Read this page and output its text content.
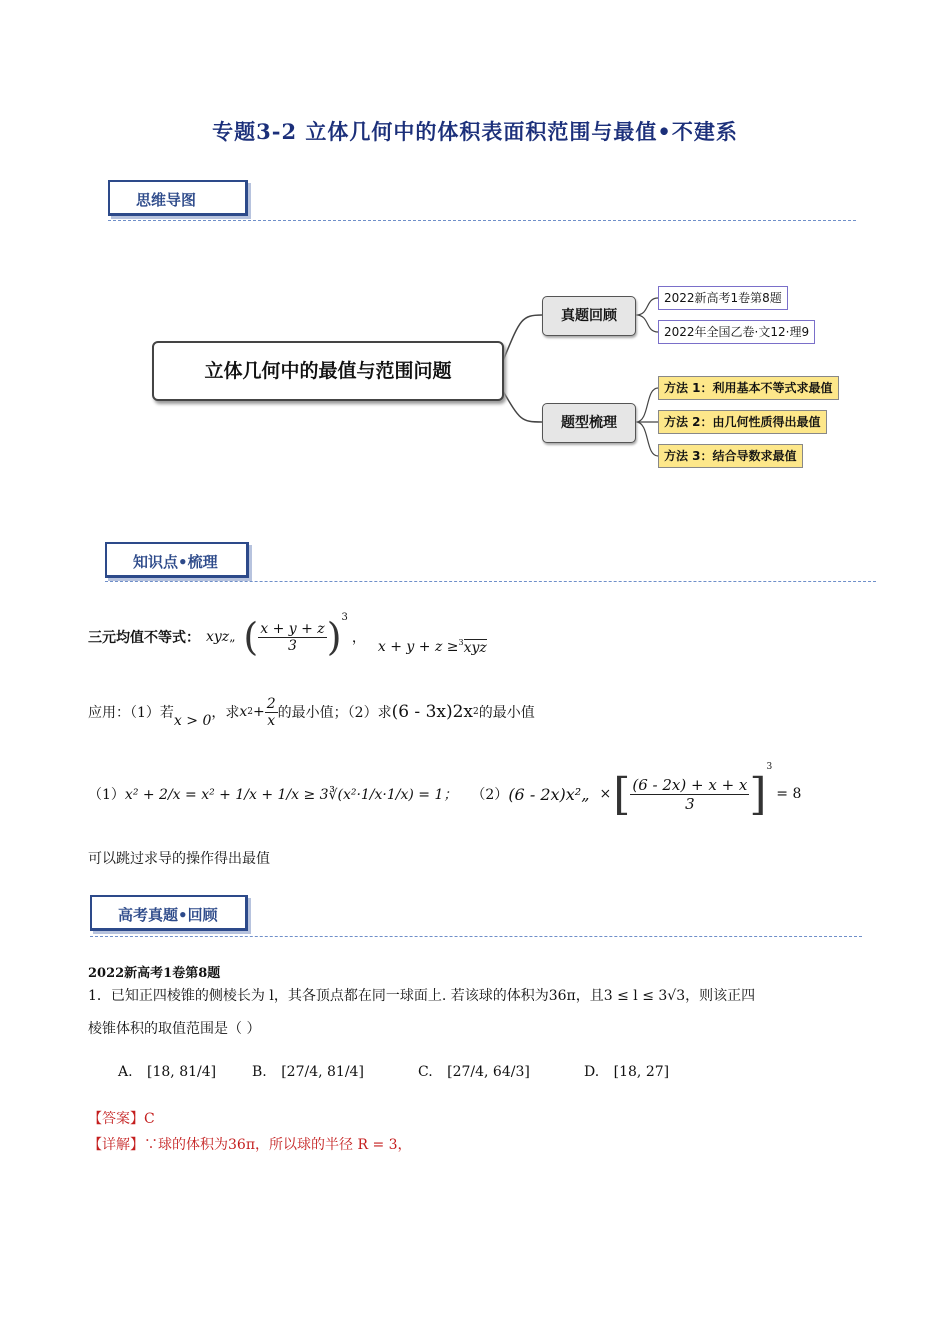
专题3-2 立体几何中的体积表面积范围与最值•不建系
思维导图
立体几何中的最值与范围问题
真题回顾
题型梳理
2022新高考1卷第8题
2022年全国乙卷·文12·理9
方法 1：利用基本不等式求最值
方法 2：由几何性质得出最值
方法 3：结合导数求最值
知识点•梳理
三元均值不等式： xyz „ ( $\frac{x + y + z}{3}$ ) 3
，
x + y + z ≥ 3 xyz
应用：（1）若 x > 0 ，求 x $2 + \frac{2}{x}$ 的最小值；（2）求 (6 - 3x)2x 2 的最小值
（1） x² + 2/x = x² + 1/x + 1/x ≥ 3∛(x²·1/x·1/x) = 1； （2） (6 - 2x)x²„ × [ $\frac{(6 - 2x) + x + x}{3}$ ]
3
= 8
可以跳过求导的操作得出最值
高考真题•回顾
2022新高考1卷第8题
1．已知正四棱锥的侧棱长为 l，其各顶点都在同一球面上. 若该球的体积为36π，且3 ≤ l ≤ 3√3，则该正四
棱锥体积的取值范围是（ ）
A. [18, 81/4]	B. [27/4, 81/4]	C. [27/4, 64/3]	D. [18, 27]
【答案】C
【详解】∵球的体积为36π，所以球的半径 R = 3，
